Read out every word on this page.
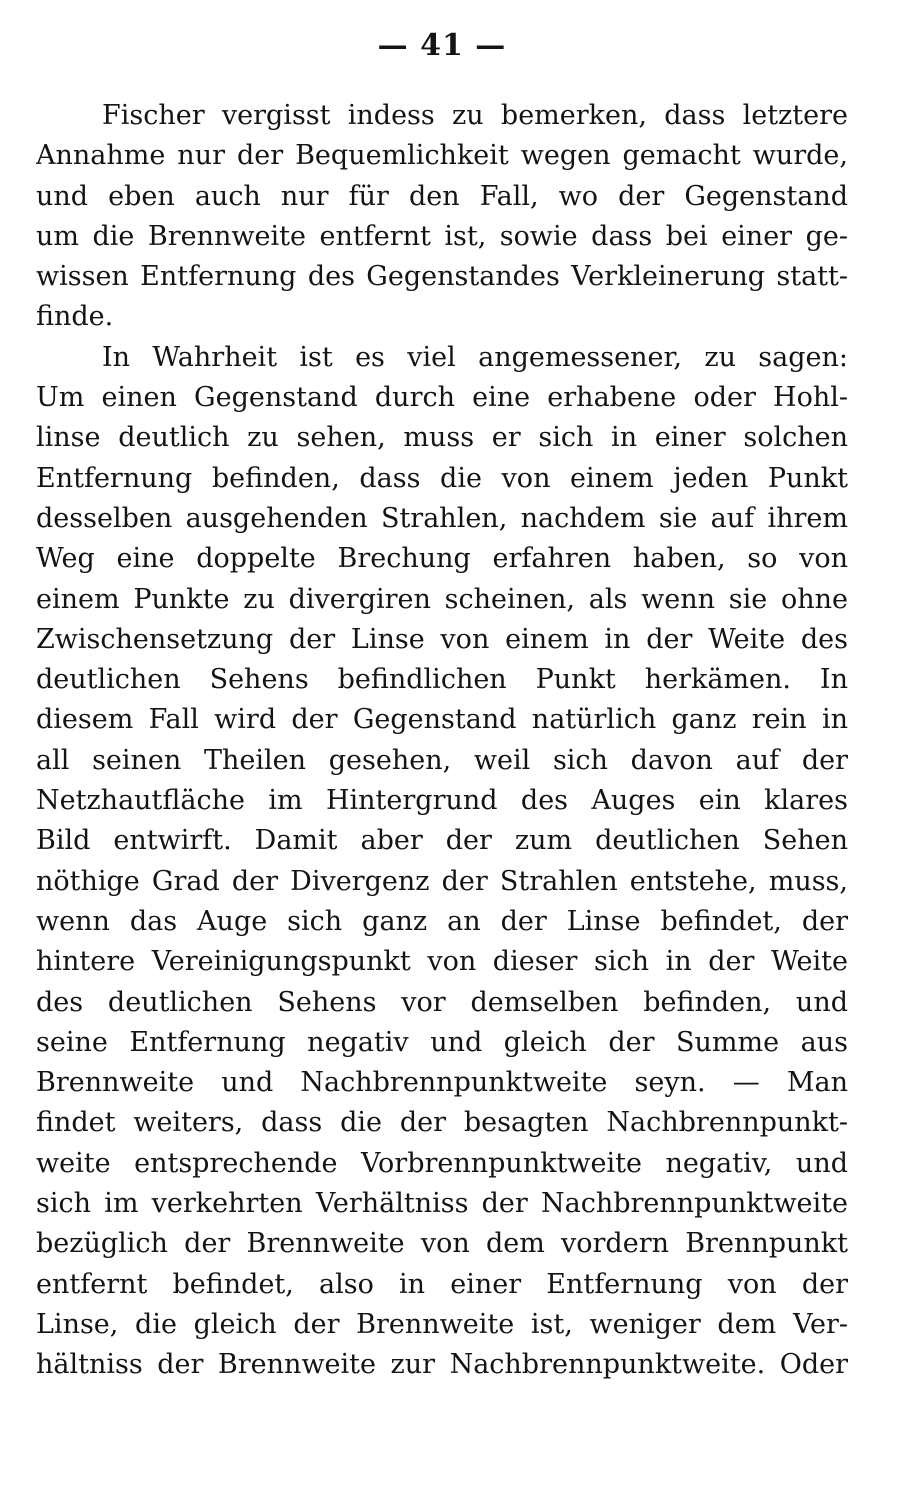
— 41 —
Fischer vergisst indess zu bemerken, dass letztere
Annahme nur der Bequemlichkeit wegen gemacht wurde,
und eben auch nur für den Fall, wo der Gegenstand
um die Brennweite entfernt ist, sowie dass bei einer ge-
wissen Entfernung des Gegenstandes Verkleinerung statt-
finde.
In Wahrheit ist es viel angemessener, zu sagen:
Um einen Gegenstand durch eine erhabene oder Hohl-
linse deutlich zu sehen, muss er sich in einer solchen
Entfernung befinden, dass die von einem jeden Punkt
desselben ausgehenden Strahlen, nachdem sie auf ihrem
Weg eine doppelte Brechung erfahren haben, so von
einem Punkte zu divergiren scheinen, als wenn sie ohne
Zwischensetzung der Linse von einem in der Weite des
deutlichen Sehens befindlichen Punkt herkämen. In
diesem Fall wird der Gegenstand natürlich ganz rein in
all seinen Theilen gesehen, weil sich davon auf der
Netzhautfläche im Hintergrund des Auges ein klares
Bild entwirft. Damit aber der zum deutlichen Sehen
nöthige Grad der Divergenz der Strahlen entstehe, muss,
wenn das Auge sich ganz an der Linse befindet, der
hintere Vereinigungspunkt von dieser sich in der Weite
des deutlichen Sehens vor demselben befinden, und
seine Entfernung negativ und gleich der Summe aus
Brennweite und Nachbrennpunktweite seyn. — Man
findet weiters, dass die der besagten Nachbrennpunkt-
weite entsprechende Vorbrennpunktweite negativ, und
sich im verkehrten Verhältniss der Nachbrennpunktweite
bezüglich der Brennweite von dem vordern Brennpunkt
entfernt befindet, also in einer Entfernung von der
Linse, die gleich der Brennweite ist, weniger dem Ver-
hältniss der Brennweite zur Nachbrennpunktweite. Oder
